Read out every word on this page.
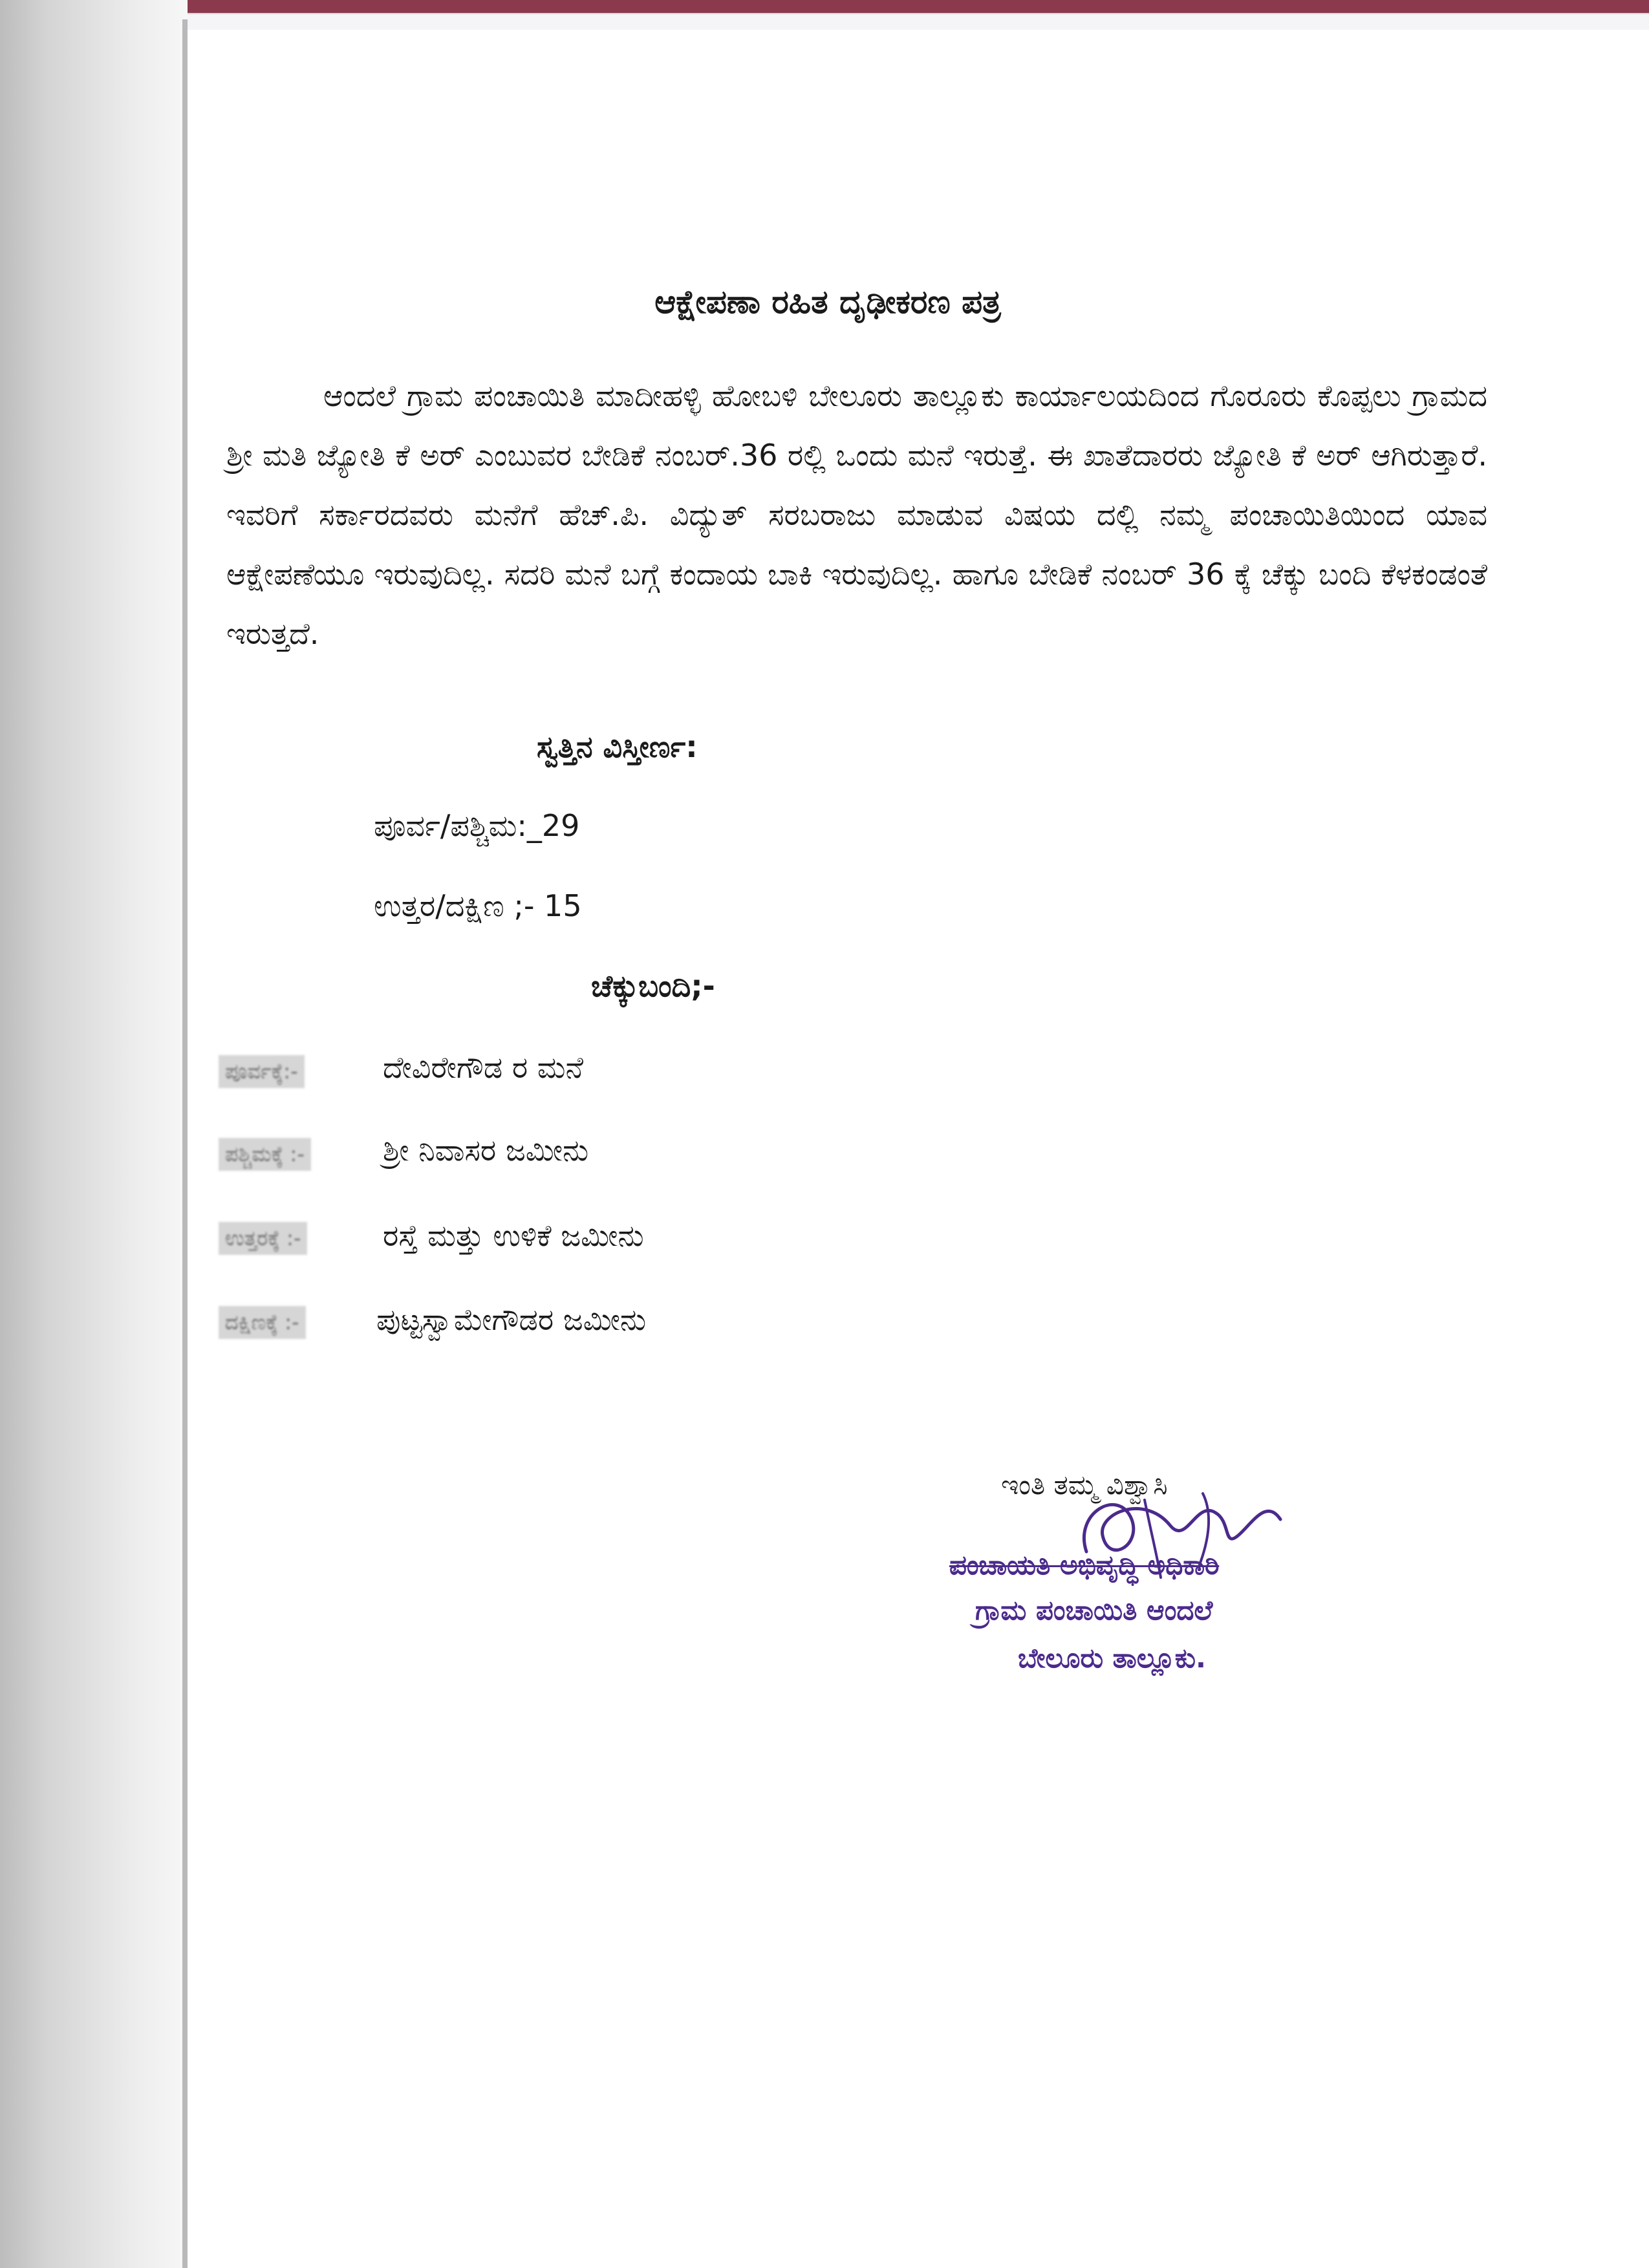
ಆಕ್ಷೇಪಣಾ ರಹಿತ ದೃಢೀಕರಣ ಪತ್ರ
ಆಂದಲೆ ಗ್ರಾಮ ಪಂಚಾಯಿತಿ ಮಾದೀಹಳ್ಳಿ ಹೋಬಳಿ ಬೇಲೂರು ತಾಲ್ಲೂಕು ಕಾರ್ಯಾಲಯದಿಂದ ಗೊರೂರು ಕೊಪ್ಪಲು ಗ್ರಾಮದ ಶ್ರೀ ಮತಿ ಜ್ಯೋತಿ ಕೆ ಅರ್ ಎಂಬುವರ ಬೇಡಿಕೆ ನಂಬರ್.36 ರಲ್ಲಿ ಒಂದು ಮನೆ ಇರುತ್ತೆ. ಈ ಖಾತೆದಾರರು ಜ್ಯೋತಿ ಕೆ ಅರ್ ಆಗಿರುತ್ತಾರೆ. ಇವರಿಗೆ ಸರ್ಕಾರದವರು ಮನೆಗೆ ಹೆಚ್.ಪಿ. ವಿದ್ಯುತ್ ಸರಬರಾಜು ಮಾಡುವ ವಿಷಯ ದಲ್ಲಿ ನಮ್ಮ ಪಂಚಾಯಿತಿಯಿಂದ ಯಾವ ಆಕ್ಷೇಪಣೆಯೂ ಇರುವುದಿಲ್ಲ. ಸದರಿ ಮನೆ ಬಗ್ಗೆ ಕಂದಾಯ ಬಾಕಿ ಇರುವುದಿಲ್ಲ. ಹಾಗೂ ಬೇಡಿಕೆ ನಂಬರ್ 36 ಕ್ಕೆ ಚೆಕ್ಕು ಬಂದಿ ಕೆಳಕಂಡಂತೆ ಇರುತ್ತದೆ.
ಸ್ವತ್ತಿನ ವಿಸ್ತೀರ್ಣ:
ಪೂರ್ವ/ಪಶ್ಚಿಮ:_29
ಉತ್ತರ/ದಕ್ಷಿಣ ;- 15
ಚೆಕ್ಕುಬಂದಿ;-
ಪೂರ್ವಕ್ಕೆ:-	ದೇವಿರೇಗೌಡ ರ ಮನೆ
ಪಶ್ಚಿಮಕ್ಕೆ :-	ಶ್ರೀ ನಿವಾಸರ ಜಮೀನು
ಉತ್ತರಕ್ಕೆ :-	ರಸ್ತೆ ಮತ್ತು ಉಳಿಕೆ ಜಮೀನು
ದಕ್ಷಿಣಕ್ಕೆ :-	ಪುಟ್ಟಸ್ವಾಮೇಗೌಡರ ಜಮೀನು
ಇಂತಿ ತಮ್ಮ ವಿಶ್ವಾಸಿ
ಪಂಚಾಯತಿ ಅಭಿವೃದ್ಧಿ ಅಧಿಕಾರಿ
ಗ್ರಾಮ ಪಂಚಾಯಿತಿ ಆಂದಲೆ
ಬೇಲೂರು ತಾಲ್ಲೂಕು.
